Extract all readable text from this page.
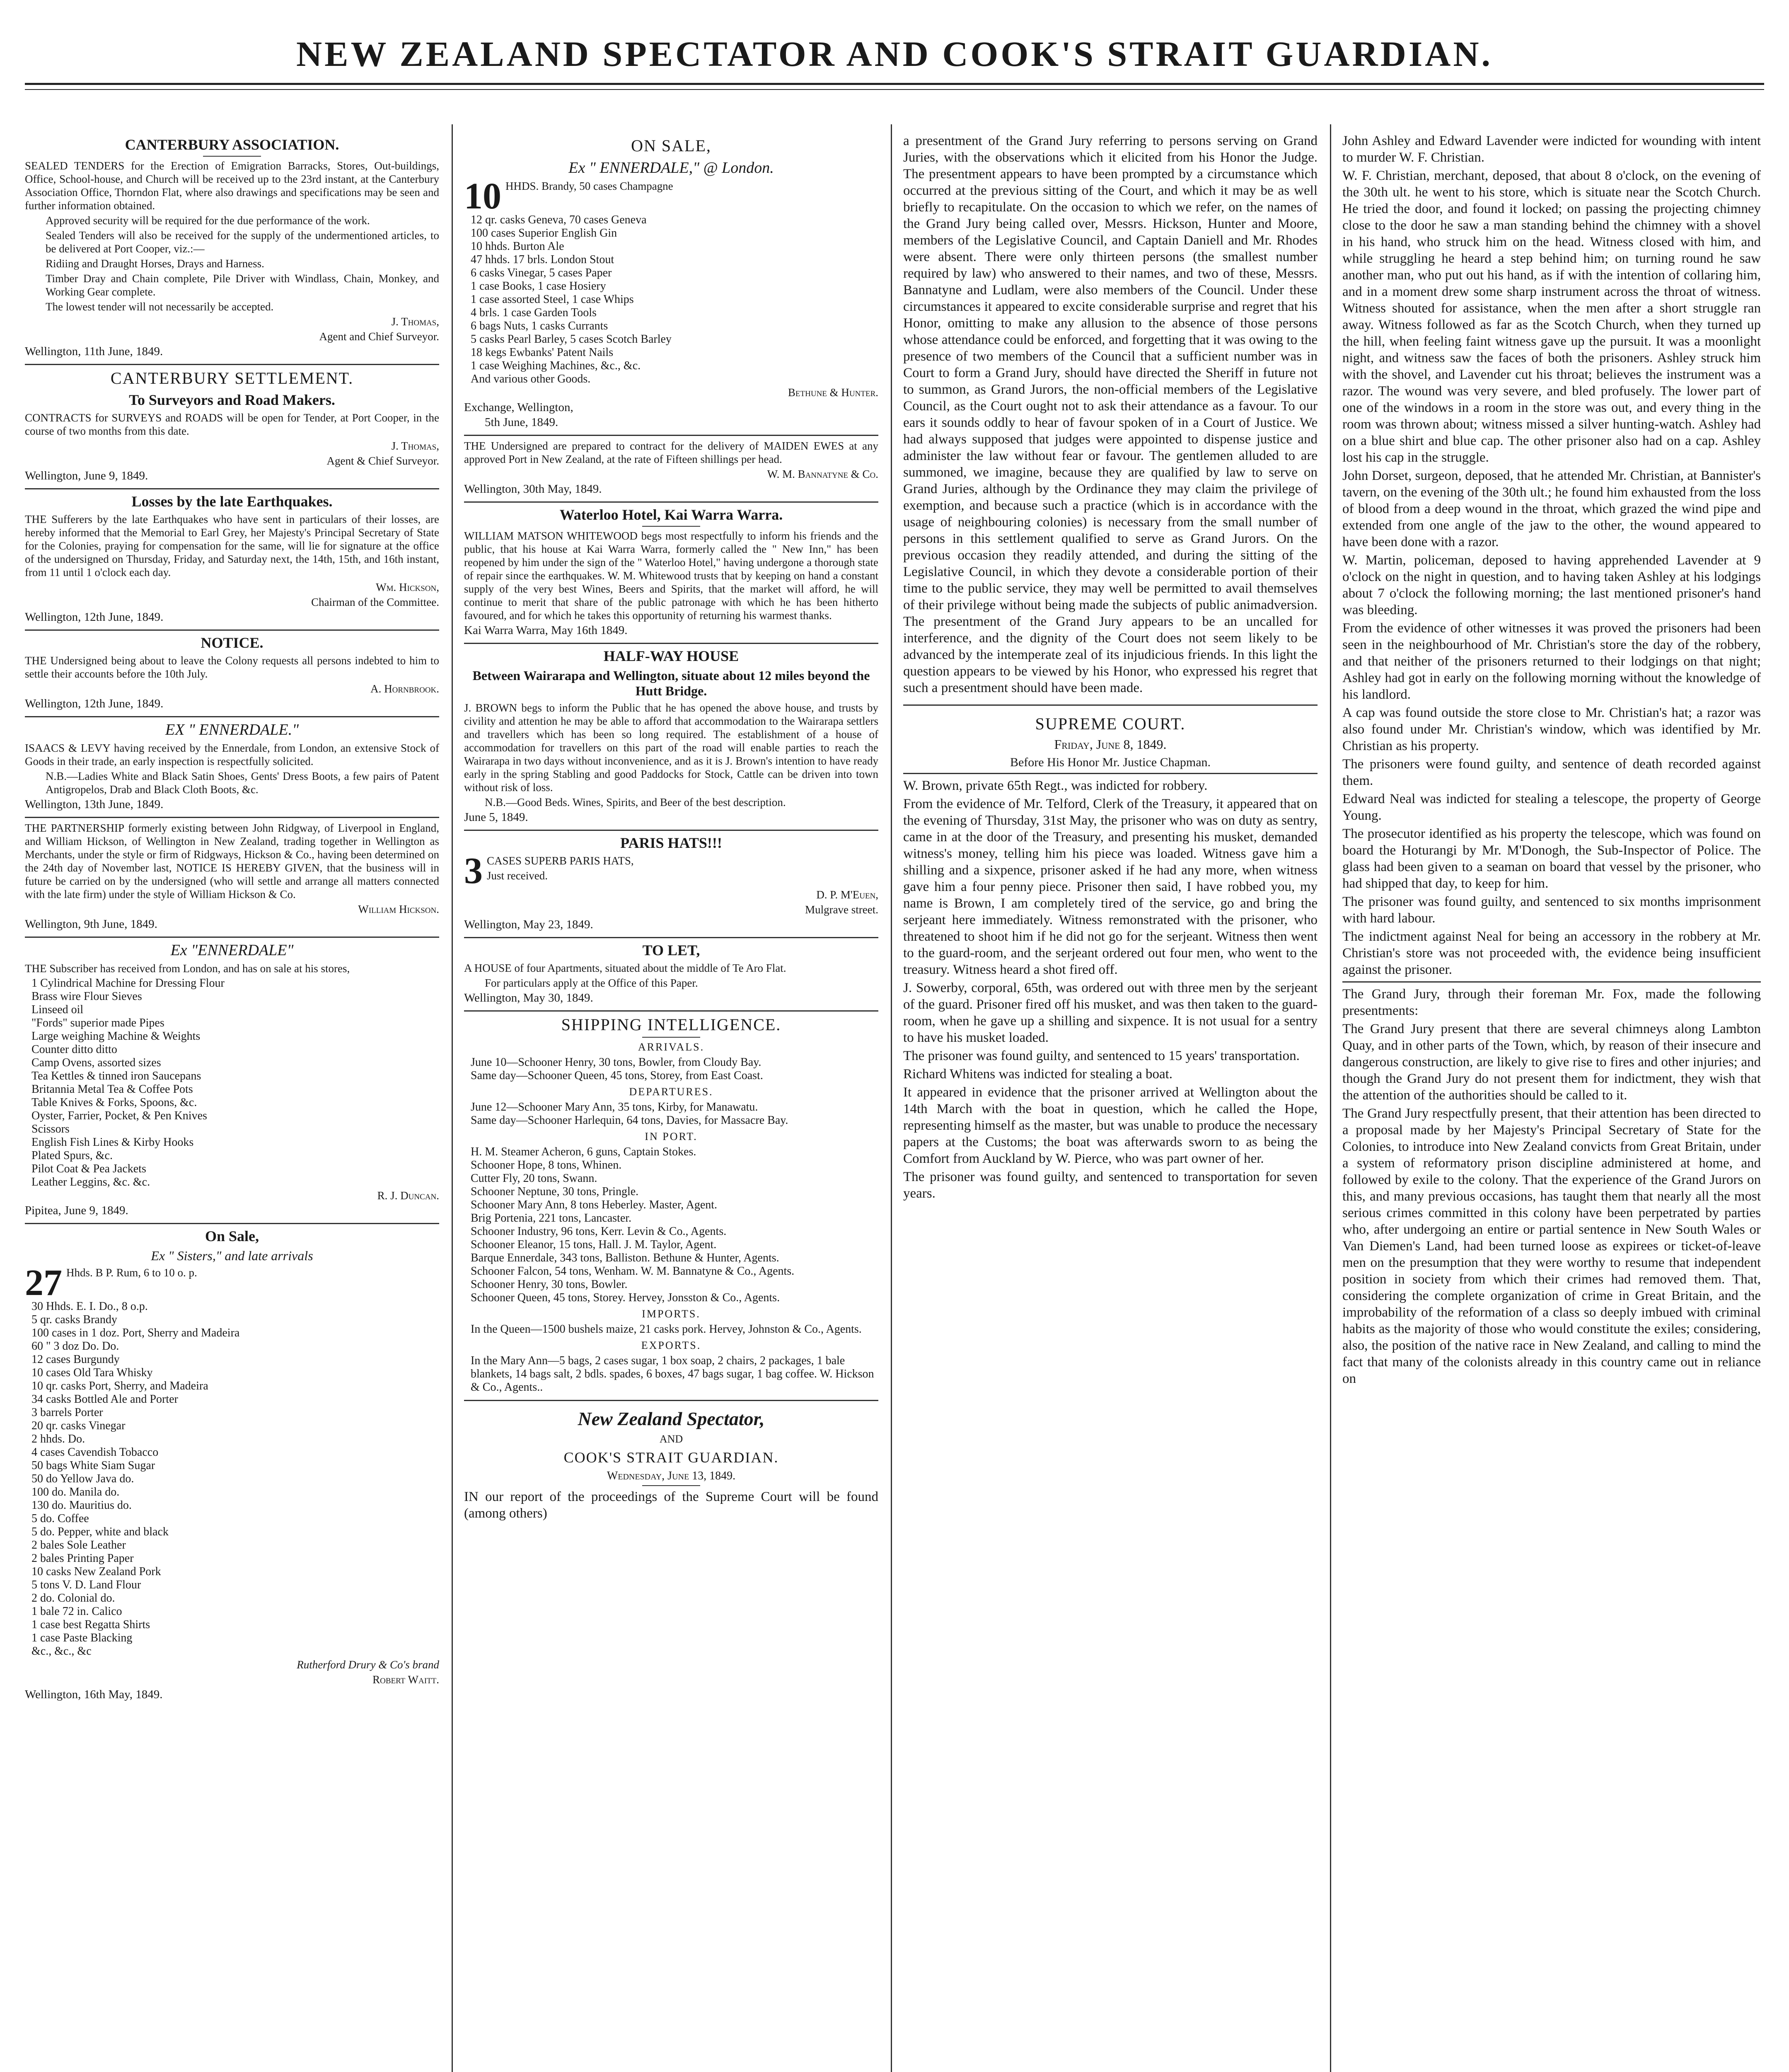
NEW ZEALAND SPECTATOR AND COOK'S STRAIT GUARDIAN.
CANTERBURY ASSOCIATION.

SEALED TENDERS for the Erection of Emigration Barracks, Stores, Out-buildings, Office, School-house, and Church will be received up to the 23rd instant, at the Canterbury Association Office, Thorndon Flat, where also drawings and specifications may be seen and further information obtained.

Approved security will be required for the due performance of the work.

Sealed Tenders will also be received for the supply of the undermentioned articles, to be delivered at Port Cooper, viz.:—

Ridiing and Draught Horses, Drays and Harness.

Timber Dray and Chain complete, Pile Driver with Windlass, Chain, Monkey, and Working Gear complete.

The lowest tender will not necessarily be accepted.

J. Thomas,

Agent and Chief Surveyor.

Wellington, 11th June, 1849.

CANTERBURY SETTLEMENT.
To Surveyors and Road Makers.

CONTRACTS for SURVEYS and ROADS will be open for Tender, at Port Cooper, in the course of two months from this date.

J. Thomas,

Agent & Chief Surveyor.

Wellington, June 9, 1849.

Losses by the late Earthquakes.

THE Sufferers by the late Earthquakes who have sent in particulars of their losses, are hereby informed that the Memorial to Earl Grey, her Majesty's Principal Secretary of State for the Colonies, praying for compensation for the same, will lie for signature at the office of the undersigned on Thursday, Friday, and Saturday next, the 14th, 15th, and 16th instant, from 11 until 1 o'clock each day.

Wm. Hickson,

Chairman of the Committee.

Wellington, 12th June, 1849.

NOTICE.

THE Undersigned being about to leave the Colony requests all persons indebted to him to settle their accounts before the 10th July.

A. Hornbrook.

Wellington, 12th June, 1849.

EX " ENNERDALE."

ISAACS & LEVY having received by the Ennerdale, from London, an extensive Stock of Goods in their trade, an early inspection is respectfully solicited.

N.B.—Ladies White and Black Satin Shoes, Gents' Dress Boots, a few pairs of Patent Antigropelos, Drab and Black Cloth Boots, &c.

Wellington, 13th June, 1849.

THE PARTNERSHIP formerly existing between John Ridgway, of Liverpool in England, and William Hickson, of Wellington in New Zealand, trading together in Wellington as Merchants, under the style or firm of Ridgways, Hickson & Co., having been determined on the 24th day of November last, NOTICE IS HEREBY GIVEN, that the business will in future be carried on by the undersigned (who will settle and arrange all matters connected with the late firm) under the style of William Hickson & Co.

William Hickson.

Wellington, 9th June, 1849.

Ex "ENNERDALE"

THE Subscriber has received from London, and has on sale at his stores,

1 Cylindrical Machine for Dressing Flour
Brass wire Flour Sieves
Linseed oil
"Fords" superior made Pipes
Large weighing Machine & Weights
Counter ditto ditto
Camp Ovens, assorted sizes
Tea Kettles & tinned iron Saucepans
Britannia Metal Tea & Coffee Pots
Table Knives & Forks, Spoons, &c.
Oyster, Farrier, Pocket, & Pen Knives
Scissors
English Fish Lines & Kirby Hooks
Plated Spurs, &c.
Pilot Coat & Pea Jackets
Leather Leggins, &c. &c.

R. J. Duncan.

Pipitea, June 9, 1849.

On Sale,
Ex " Sisters," and late arrivals
27 Hhds. B P. Rum, 6 to 10 o. p.

30 Hhds. E. I. Do., 8 o.p.
5 qr. casks Brandy
100 cases in 1 doz. Port, Sherry and Madeira
60 " 3 doz Do. Do.
12 cases Burgundy
10 cases Old Tara Whisky
10 qr. casks Port, Sherry, and Madeira
34 casks Bottled Ale and Porter
3 barrels Porter
20 qr. casks Vinegar
2 hhds. Do.
4 cases Cavendish Tobacco
50 bags White Siam Sugar
50 do Yellow Java do.
100 do. Manila do.
130 do. Mauritius do.
5 do. Coffee
5 do. Pepper, white and black
2 bales Sole Leather
2 bales Printing Paper
10 casks New Zealand Pork
5 tons V. D. Land Flour
2 do. Colonial do.
1 bale 72 in. Calico
1 case best Regatta Shirts
1 case Paste Blacking
&c., &c., &c

Rutherford Drury & Co's brand

Robert Waitt.

Wellington, 16th May, 1849.

ON SALE,
Ex " ENNERDALE," @ London.
10 HHDS. Brandy, 50 cases Champagne

12 qr. casks Geneva, 70 cases Geneva
100 cases Superior English Gin
10 hhds. Burton Ale
47 hhds. 17 brls. London Stout
6 casks Vinegar, 5 cases Paper
1 case Books, 1 case Hosiery
1 case assorted Steel, 1 case Whips
4 brls. 1 case Garden Tools
6 bags Nuts, 1 casks Currants
5 casks Pearl Barley, 5 cases Scotch Barley
18 kegs Ewbanks' Patent Nails
1 case Weighing Machines, &c., &c.
And various other Goods.

Bethune & Hunter.

Exchange, Wellington,

5th June, 1849.

THE Undersigned are prepared to contract for the delivery of MAIDEN EWES at any approved Port in New Zealand, at the rate of Fifteen shillings per head.

W. M. Bannatyne & Co.

Wellington, 30th May, 1849.

Waterloo Hotel, Kai Warra Warra.

WILLIAM MATSON WHITEWOOD begs most respectfully to inform his friends and the public, that his house at Kai Warra Warra, formerly called the " New Inn," has been reopened by him under the sign of the " Waterloo Hotel," having undergone a thorough state of repair since the earthquakes. W. M. Whitewood trusts that by keeping on hand a constant supply of the very best Wines, Beers and Spirits, that the market will afford, he will continue to merit that share of the public patronage with which he has been hitherto favoured, and for which he takes this opportunity of returning his warmest thanks.

Kai Warra Warra, May 16th 1849.

HALF-WAY HOUSE
Between Wairarapa and Wellington, situate about 12 miles beyond the Hutt Bridge.

J. BROWN begs to inform the Public that he has opened the above house, and trusts by civility and attention he may be able to afford that accommodation to the Wairarapa settlers and travellers which has been so long required. The establishment of a house of accommodation for travellers on this part of the road will enable parties to reach the Wairarapa in two days without inconvenience, and as it is J. Brown's intention to have ready early in the spring Stabling and good Paddocks for Stock, Cattle can be driven into town without risk of loss.

N.B.—Good Beds. Wines, Spirits, and Beer of the best description.

June 5, 1849.

PARIS HATS!!!
3 CASES SUPERB PARIS HATS,

Just received.

D. P. M'Euen,

Mulgrave street.

Wellington, May 23, 1849.

TO LET,

A HOUSE of four Apartments, situated about the middle of Te Aro Flat.

For particulars apply at the Office of this Paper.

Wellington, May 30, 1849.

SHIPPING INTELLIGENCE.
ARRIVALS.
June 10—Schooner Henry, 30 tons, Bowler, from Cloudy Bay.
Same day—Schooner Queen, 45 tons, Storey, from East Coast.
DEPARTURES.
June 12—Schooner Mary Ann, 35 tons, Kirby, for Manawatu.
Same day—Schooner Harlequin, 64 tons, Davies, for Massacre Bay.
IN PORT.
H. M. Steamer Acheron, 6 guns, Captain Stokes.
Schooner Hope, 8 tons, Whinen.
Cutter Fly, 20 tons, Swann.
Schooner Neptune, 30 tons, Pringle.
Schooner Mary Ann, 8 tons Heberley. Master, Agent.
Brig Portenia, 221 tons, Lancaster.
Schooner Industry, 96 tons, Kerr. Levin & Co., Agents.
Schooner Eleanor, 15 tons, Hall. J. M. Taylor, Agent.
Barque Ennerdale, 343 tons, Balliston. Bethune & Hunter, Agents.
Schooner Falcon, 54 tons, Wenham. W. M. Bannatyne & Co., Agents.
Schooner Henry, 30 tons, Bowler.
Schooner Queen, 45 tons, Storey. Hervey, Jonsston & Co., Agents.
IMPORTS.
In the Queen—1500 bushels maize, 21 casks pork. Hervey, Johnston & Co., Agents.
EXPORTS.
In the Mary Ann—5 bags, 2 cases sugar, 1 box soap, 2 chairs, 2 packages, 1 bale blankets, 14 bags salt, 2 bdls. spades, 6 boxes, 47 bags sugar, 1 bag coffee. W. Hickson & Co., Agents..
New Zealand Spectator,
AND
COOK'S STRAIT GUARDIAN.
Wednesday, June 13, 1849.

IN our report of the proceedings of the Supreme Court will be found (among others)

a presentment of the Grand Jury referring to persons serving on Grand Juries, with the observations which it elicited from his Honor the Judge. The presentment appears to have been prompted by a circumstance which occurred at the previous sitting of the Court, and which it may be as well briefly to recapitulate. On the occasion to which we refer, on the names of the Grand Jury being called over, Messrs. Hickson, Hunter and Moore, members of the Legislative Council, and Captain Daniell and Mr. Rhodes were absent. There were only thirteen persons (the smallest number required by law) who answered to their names, and two of these, Messrs. Bannatyne and Ludlam, were also members of the Council. Under these circumstances it appeared to excite considerable surprise and regret that his Honor, omitting to make any allusion to the absence of those persons whose attendance could be enforced, and forgetting that it was owing to the presence of two members of the Council that a sufficient number was in Court to form a Grand Jury, should have directed the Sheriff in future not to summon, as Grand Jurors, the non-official members of the Legislative Council, as the Court ought not to ask their attendance as a favour. To our ears it sounds oddly to hear of favour spoken of in a Court of Justice. We had always supposed that judges were appointed to dispense justice and administer the law without fear or favour. The gentlemen alluded to are summoned, we imagine, because they are qualified by law to serve on Grand Juries, although by the Ordinance they may claim the privilege of exemption, and because such a practice (which is in accordance with the usage of neighbouring colonies) is necessary from the small number of persons in this settlement qualified to serve as Grand Jurors. On the previous occasion they readily attended, and during the sitting of the Legislative Council, in which they devote a considerable portion of their time to the public service, they may well be permitted to avail themselves of their privilege without being made the subjects of public animadversion. The presentment of the Grand Jury appears to be an uncalled for interference, and the dignity of the Court does not seem likely to be advanced by the intemperate zeal of its injudicious friends. In this light the question appears to be viewed by his Honor, who expressed his regret that such a presentment should have been made.

SUPREME COURT.
Friday, June 8, 1849.
Before His Honor Mr. Justice Chapman.

W. Brown, private 65th Regt., was indicted for robbery.

From the evidence of Mr. Telford, Clerk of the Treasury, it appeared that on the evening of Thursday, 31st May, the prisoner who was on duty as sentry, came in at the door of the Treasury, and presenting his musket, demanded witness's money, telling him his piece was loaded. Witness gave him a shilling and a sixpence, prisoner asked if he had any more, when witness gave him a four penny piece. Prisoner then said, I have robbed you, my name is Brown, I am completely tired of the service, go and bring the serjeant here immediately. Witness remonstrated with the prisoner, who threatened to shoot him if he did not go for the serjeant. Witness then went to the guard-room, and the serjeant ordered out four men, who went to the treasury. Witness heard a shot fired off.

J. Sowerby, corporal, 65th, was ordered out with three men by the serjeant of the guard. Prisoner fired off his musket, and was then taken to the guard-room, when he gave up a shilling and sixpence. It is not usual for a sentry to have his musket loaded.

The prisoner was found guilty, and sentenced to 15 years' transportation.

Richard Whitens was indicted for stealing a boat.

It appeared in evidence that the prisoner arrived at Wellington about the 14th March with the boat in question, which he called the Hope, representing himself as the master, but was unable to produce the necessary papers at the Customs; the boat was afterwards sworn to as being the Comfort from Auckland by W. Pierce, who was part owner of her.

The prisoner was found guilty, and sentenced to transportation for seven years.

John Ashley and Edward Lavender were indicted for wounding with intent to murder W. F. Christian.

W. F. Christian, merchant, deposed, that about 8 o'clock, on the evening of the 30th ult. he went to his store, which is situate near the Scotch Church. He tried the door, and found it locked; on passing the projecting chimney close to the door he saw a man standing behind the chimney with a shovel in his hand, who struck him on the head. Witness closed with him, and while struggling he heard a step behind him; on turning round he saw another man, who put out his hand, as if with the intention of collaring him, and in a moment drew some sharp instrument across the throat of witness. Witness shouted for assistance, when the men after a short struggle ran away. Witness followed as far as the Scotch Church, when they turned up the hill, when feeling faint witness gave up the pursuit. It was a moonlight night, and witness saw the faces of both the prisoners. Ashley struck him with the shovel, and Lavender cut his throat; believes the instrument was a razor. The wound was very severe, and bled profusely. The lower part of one of the windows in a room in the store was out, and every thing in the room was thrown about; witness missed a silver hunting-watch. Ashley had on a blue shirt and blue cap. The other prisoner also had on a cap. Ashley lost his cap in the struggle.

John Dorset, surgeon, deposed, that he attended Mr. Christian, at Bannister's tavern, on the evening of the 30th ult.; he found him exhausted from the loss of blood from a deep wound in the throat, which grazed the wind pipe and extended from one angle of the jaw to the other, the wound appeared to have been done with a razor.

W. Martin, policeman, deposed to having apprehended Lavender at 9 o'clock on the night in question, and to having taken Ashley at his lodgings about 7 o'clock the following morning; the last mentioned prisoner's hand was bleeding.

From the evidence of other witnesses it was proved the prisoners had been seen in the neighbourhood of Mr. Christian's store the day of the robbery, and that neither of the prisoners returned to their lodgings on that night; Ashley had got in early on the following morning without the knowledge of his landlord.

A cap was found outside the store close to Mr. Christian's hat; a razor was also found under Mr. Christian's window, which was identified by Mr. Christian as his property.

The prisoners were found guilty, and sentence of death recorded against them.

Edward Neal was indicted for stealing a telescope, the property of George Young.

The prosecutor identified as his property the telescope, which was found on board the Hoturangi by Mr. M'Donogh, the Sub-Inspector of Police. The glass had been given to a seaman on board that vessel by the prisoner, who had shipped that day, to keep for him.

The prisoner was found guilty, and sentenced to six months imprisonment with hard labour.

The indictment against Neal for being an accessory in the robbery at Mr. Christian's store was not proceeded with, the evidence being insufficient against the prisoner.

The Grand Jury, through their foreman Mr. Fox, made the following presentments:

The Grand Jury present that there are several chimneys along Lambton Quay, and in other parts of the Town, which, by reason of their insecure and dangerous construction, are likely to give rise to fires and other injuries; and though the Grand Jury do not present them for indictment, they wish that the attention of the authorities should be called to it.

The Grand Jury respectfully present, that their attention has been directed to a proposal made by her Majesty's Principal Secretary of State for the Colonies, to introduce into New Zealand convicts from Great Britain, under a system of reformatory prison discipline administered at home, and followed by exile to the colony. That the experience of the Grand Jurors on this, and many previous occasions, has taught them that nearly all the most serious crimes committed in this colony have been perpetrated by parties who, after undergoing an entire or partial sentence in New South Wales or Van Diemen's Land, had been turned loose as expirees or ticket-of-leave men on the presumption that they were worthy to resume that independent position in society from which their crimes had removed them. That, considering the complete organization of crime in Great Britain, and the improbability of the reformation of a class so deeply imbued with criminal habits as the majority of those who would constitute the exiles; considering, also, the position of the native race in New Zealand, and calling to mind the fact that many of the colonists already in this country came out in reliance on
